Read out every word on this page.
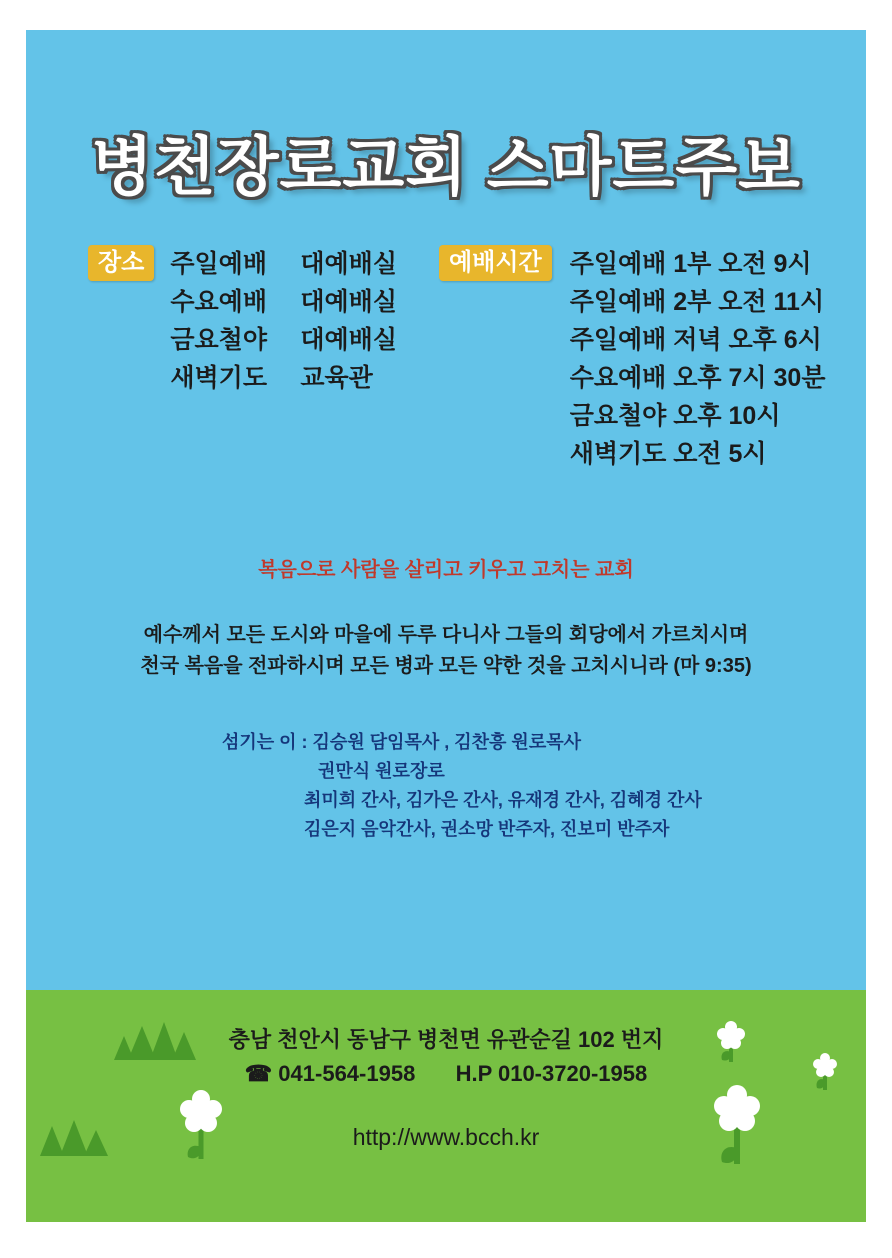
병천장로교회 스마트주보
장소	주일예배 대예배실
수요예배 대예배실
금요철야 대예배실
새벽기도 교육관
예배시간	주일예배 1부 오전 9시
주일예배 2부 오전 11시
주일예배 저녁 오후 6시
수요예배 오후 7시 30분
금요철야 오후 10시
새벽기도 오전 5시
복음으로 사람을 살리고 키우고 고치는 교회
예수께서 모든 도시와 마을에 두루 다니사 그들의 회당에서 가르치시며
천국 복음을 전파하시며 모든 병과 모든 약한 것을 고치시니라 (마 9:35)
섬기는 이 : 김승원 담임목사 , 김찬흥 원로목사
권만식 원로장로
최미희 간사, 김가은 간사, 유재경 간사, 김혜경 간사
김은지 음악간사, 권소망 반주자, 진보미 반주자
충남 천안시 동남구 병천면 유관순길 102 번지
☎ 041-564-1958 H.P 010-3720-1958
http://www.bcch.kr
